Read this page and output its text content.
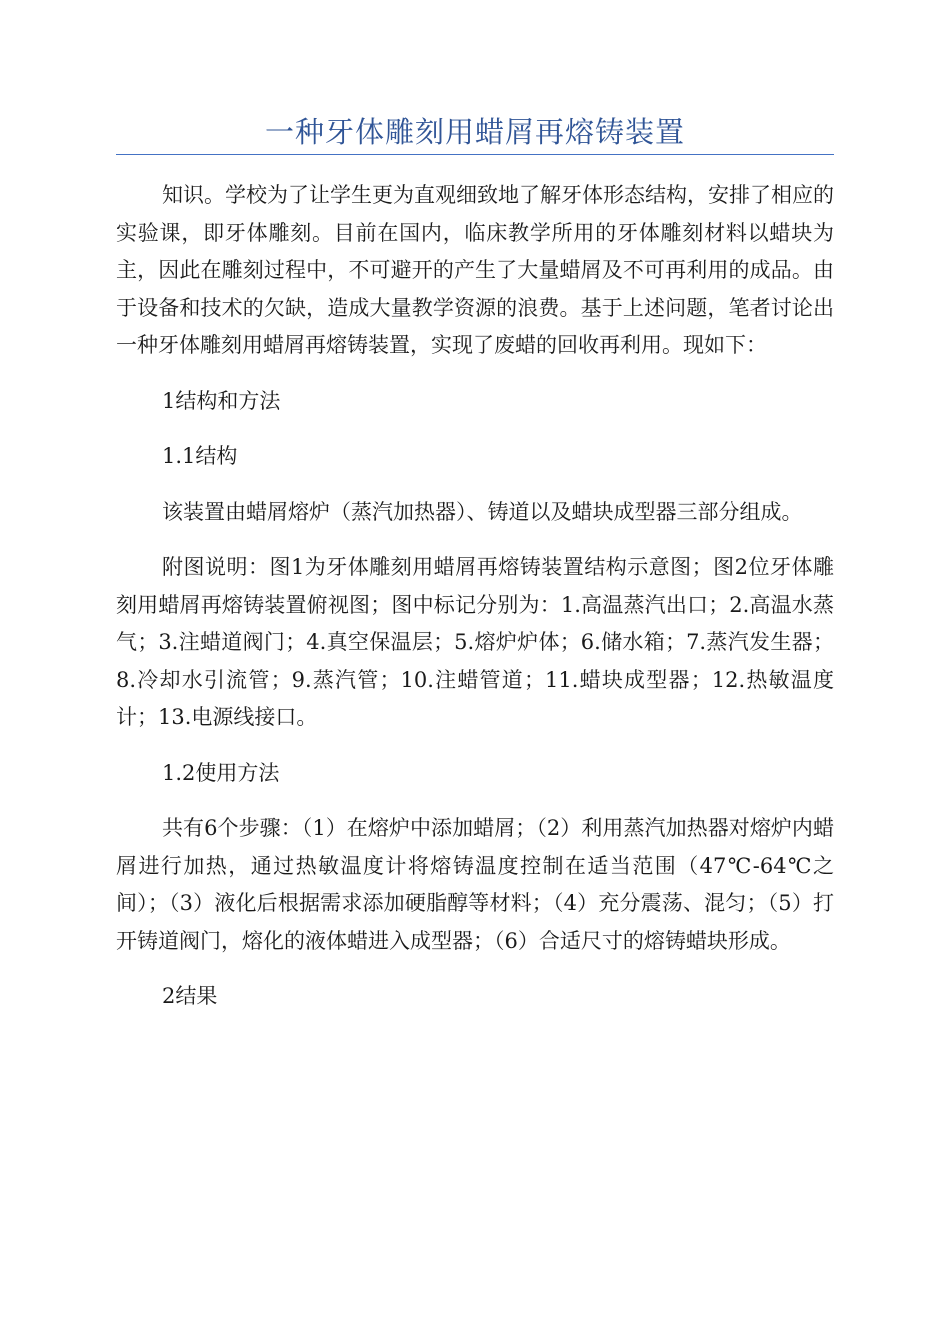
一种牙体雕刻用蜡屑再熔铸装置

知识。学校为了让学生更为直观细致地了解牙体形态结构，安排了相应的实验课，即牙体雕刻。目前在国内，临床教学所用的牙体雕刻材料以蜡块为主，因此在雕刻过程中，不可避开的产生了大量蜡屑及不可再利用的成品。由于设备和技术的欠缺，造成大量教学资源的浪费。基于上述问题，笔者讨论出一种牙体雕刻用蜡屑再熔铸装置，实现了废蜡的回收再利用。现如下：

1结构和方法

1.1结构

该装置由蜡屑熔炉（蒸汽加热器）、铸道以及蜡块成型器三部分组成。

附图说明：图1为牙体雕刻用蜡屑再熔铸装置结构示意图；图2位牙体雕刻用蜡屑再熔铸装置俯视图；图中标记分别为：1.高温蒸汽出口；2.高温水蒸气；3.注蜡道阀门；4.真空保温层；5.熔炉炉体；6.储水箱；7.蒸汽发生器；8.冷却水引流管；9.蒸汽管；10.注蜡管道；11.蜡块成型器；12.热敏温度计；13.电源线接口。

1.2使用方法

共有6个步骤：（1）在熔炉中添加蜡屑；（2）利用蒸汽加热器对熔炉内蜡屑进行加热，通过热敏温度计将熔铸温度控制在适当范围（47℃-64℃之间）；（3）液化后根据需求添加硬脂醇等材料；（4）充分震荡、混匀；（5）打开铸道阀门，熔化的液体蜡进入成型器；（6）合适尺寸的熔铸蜡块形成。

2结果
